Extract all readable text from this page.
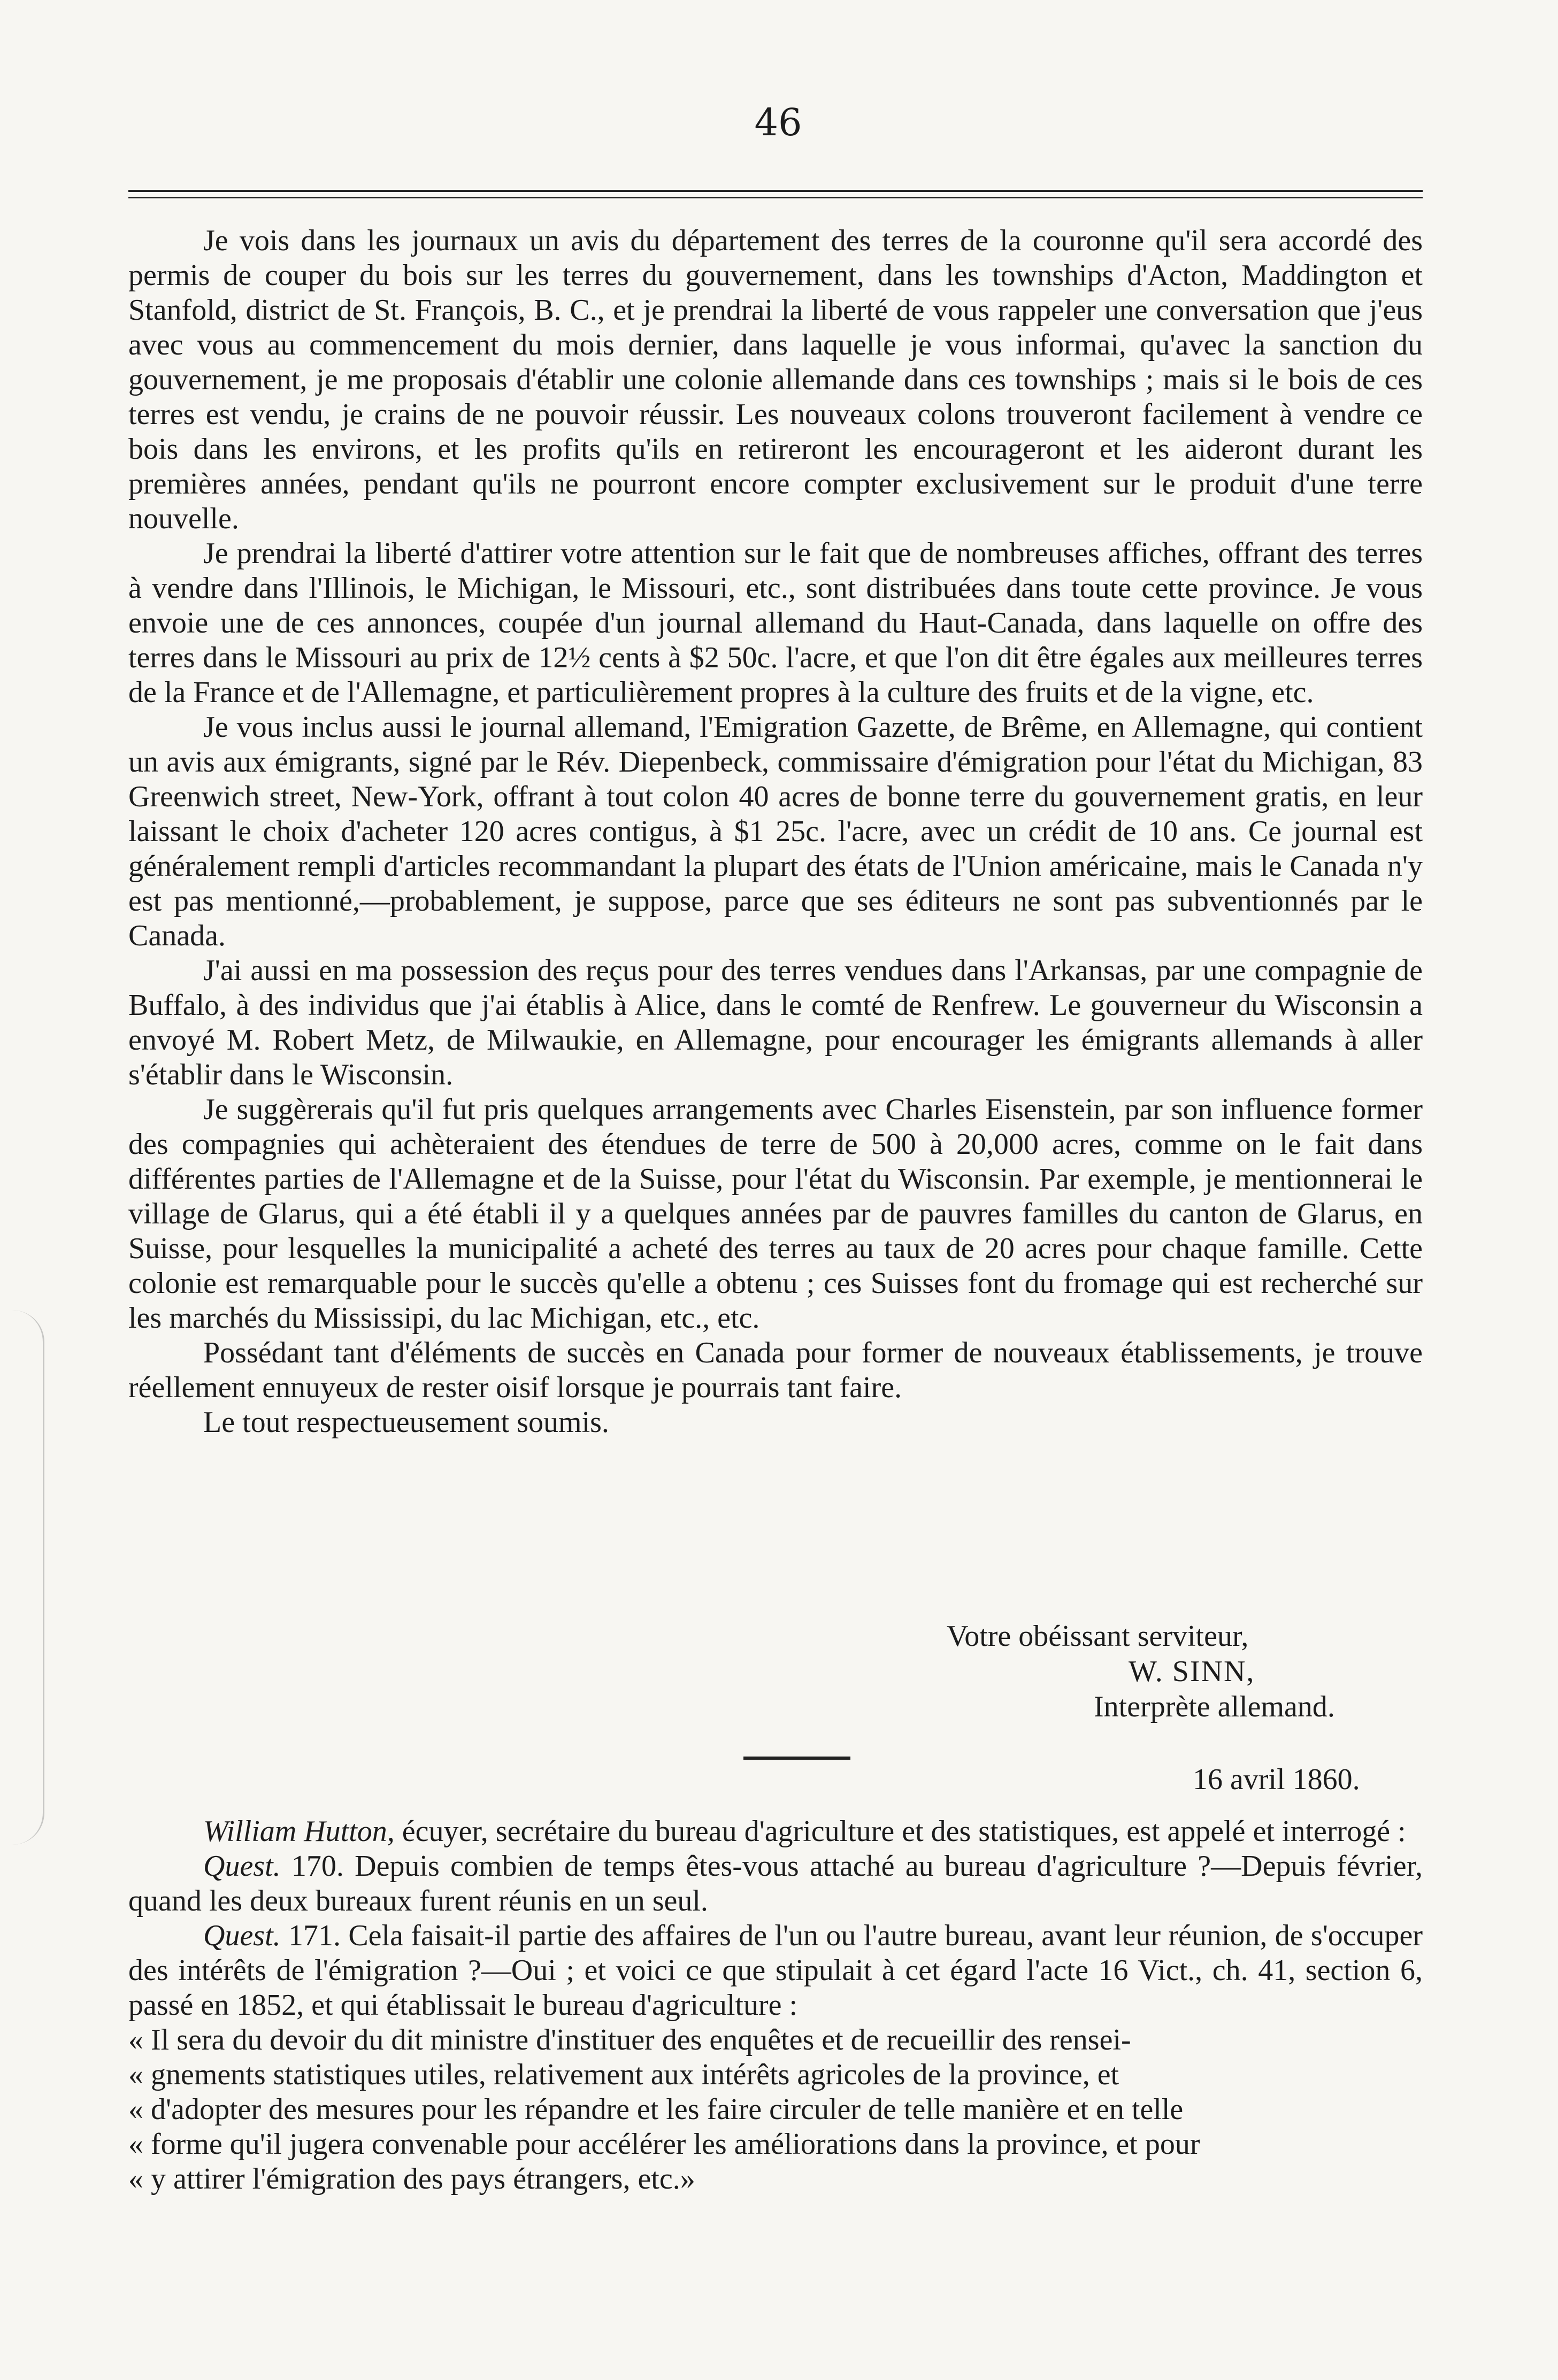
46

Je vois dans les journaux un avis du département des terres de la couronne qu'il sera accordé des permis de couper du bois sur les terres du gouvernement, dans les townships d'Acton, Maddington et Stanfold, district de St. François, B. C., et je prendrai la liberté de vous rappeler une conversation que j'eus avec vous au commencement du mois dernier, dans laquelle je vous informai, qu'avec la sanction du gouvernement, je me proposais d'établir une colonie allemande dans ces townships ; mais si le bois de ces terres est vendu, je crains de ne pouvoir réussir. Les nouveaux colons trouveront facilement à vendre ce bois dans les environs, et les profits qu'ils en retireront les encourageront et les aideront durant les premières années, pendant qu'ils ne pourront encore compter exclusivement sur le produit d'une terre nouvelle.

Je prendrai la liberté d'attirer votre attention sur le fait que de nombreuses affiches, offrant des terres à vendre dans l'Illinois, le Michigan, le Missouri, etc., sont distribuées dans toute cette province. Je vous envoie une de ces annonces, coupée d'un journal allemand du Haut-Canada, dans laquelle on offre des terres dans le Missouri au prix de 12½ cents à $2 50c. l'acre, et que l'on dit être égales aux meilleures terres de la France et de l'Allemagne, et particulièrement propres à la culture des fruits et de la vigne, etc.

Je vous inclus aussi le journal allemand, l'Emigration Gazette, de Brême, en Allemagne, qui contient un avis aux émigrants, signé par le Rév. Diepenbeck, commissaire d'émigration pour l'état du Michigan, 83 Greenwich street, New-York, offrant à tout colon 40 acres de bonne terre du gouvernement gratis, en leur laissant le choix d'acheter 120 acres contigus, à $1 25c. l'acre, avec un crédit de 10 ans. Ce journal est généralement rempli d'articles recommandant la plupart des états de l'Union américaine, mais le Canada n'y est pas mentionné,—probablement, je suppose, parce que ses éditeurs ne sont pas subventionnés par le Canada.

J'ai aussi en ma possession des reçus pour des terres vendues dans l'Arkansas, par une compagnie de Buffalo, à des individus que j'ai établis à Alice, dans le comté de Renfrew. Le gouverneur du Wisconsin a envoyé M. Robert Metz, de Milwaukie, en Allemagne, pour encourager les émigrants allemands à aller s'établir dans le Wisconsin.

Je suggèrerais qu'il fut pris quelques arrangements avec Charles Eisenstein, par son influence former des compagnies qui achèteraient des étendues de terre de 500 à 20,000 acres, comme on le fait dans différentes parties de l'Allemagne et de la Suisse, pour l'état du Wisconsin. Par exemple, je mentionnerai le village de Glarus, qui a été établi il y a quelques années par de pauvres familles du canton de Glarus, en Suisse, pour lesquelles la municipalité a acheté des terres au taux de 20 acres pour chaque famille. Cette colonie est remarquable pour le succès qu'elle a obtenu ; ces Suisses font du fromage qui est recherché sur les marchés du Mississipi, du lac Michigan, etc., etc.

Possédant tant d'éléments de succès en Canada pour former de nouveaux établissements, je trouve réellement ennuyeux de rester oisif lorsque je pourrais tant faire.

Le tout respectueusement soumis.

Votre obéissant serviteur,
W. SINN,
Interprète allemand.
16 avril 1860.

William Hutton, écuyer, secrétaire du bureau d'agriculture et des statistiques, est appelé et interrogé :

Quest. 170. Depuis combien de temps êtes-vous attaché au bureau d'agriculture ?—Depuis février, quand les deux bureaux furent réunis en un seul.

Quest. 171. Cela faisait-il partie des affaires de l'un ou l'autre bureau, avant leur réunion, de s'occuper des intérêts de l'émigration ?—Oui ; et voici ce que stipulait à cet égard l'acte 16 Vict., ch. 41, section 6, passé en 1852, et qui établissait le bureau d'agriculture :

« Il sera du devoir du dit ministre d'instituer des enquêtes et de recueillir des rensei-

« gnements statistiques utiles, relativement aux intérêts agricoles de la province, et

« d'adopter des mesures pour les répandre et les faire circuler de telle manière et en telle

« forme qu'il jugera convenable pour accélérer les améliorations dans la province, et pour

« y attirer l'émigration des pays étrangers, etc.»
